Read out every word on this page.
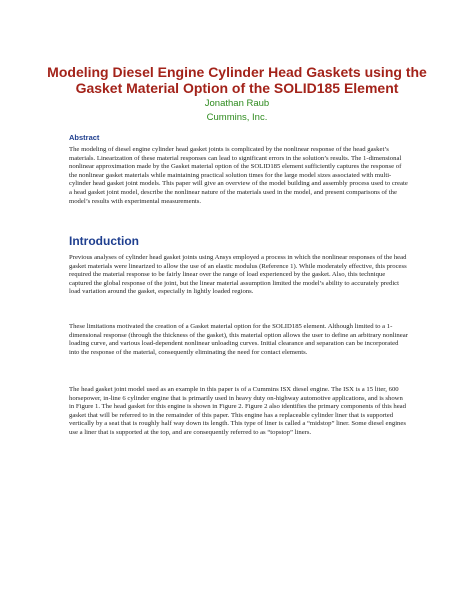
Modeling Diesel Engine Cylinder Head Gaskets using the Gasket Material Option of the SOLID185 Element
Jonathan Raub
Cummins, Inc.
Abstract

The modeling of diesel engine cylinder head gasket joints is complicated by the nonlinear response of the head gasket’s materials. Linearization of these material responses can lead to significant errors in the solution’s results. The 1-dimensional nonlinear approximation made by the Gasket material option of the SOLID185 element sufficiently captures the response of the nonlinear gasket materials while maintaining practical solution times for the large model sizes associated with multi-cylinder head gasket joint models. This paper will give an overview of the model building and assembly process used to create a head gasket joint model, describe the nonlinear nature of the materials used in the model, and present comparisons of the model’s results with experimental measurements.

Introduction

Previous analyses of cylinder head gasket joints using Ansys employed a process in which the nonlinear responses of the head gasket materials were linearized to allow the use of an elastic modulus (Reference 1). While moderately effective, this process required the material response to be fairly linear over the range of load experienced by the gasket. Also, this technique captured the global response of the joint, but the linear material assumption limited the model’s ability to accurately predict load variation around the gasket, especially in lightly loaded regions.

These limitations motivated the creation of a Gasket material option for the SOLID185 element. Although limited to a 1-dimensional response (through the thickness of the gasket), this material option allows the user to define an arbitrary nonlinear loading curve, and various load-dependent nonlinear unloading curves. Initial clearance and separation can be incorporated into the response of the material, consequently eliminating the need for contact elements.

The head gasket joint model used as an example in this paper is of a Cummins ISX diesel engine. The ISX is a 15 liter, 600 horsepower, in-line 6 cylinder engine that is primarily used in heavy duty on-highway automotive applications, and is shown in Figure 1. The head gasket for this engine is shown in Figure 2. Figure 2 also identifies the primary components of this head gasket that will be referred to in the remainder of this paper. This engine has a replaceable cylinder liner that is supported vertically by a seat that is roughly half way down its length. This type of liner is called a “midstop” liner. Some diesel engines use a liner that is supported at the top, and are consequently referred to as “topstop” liners.
